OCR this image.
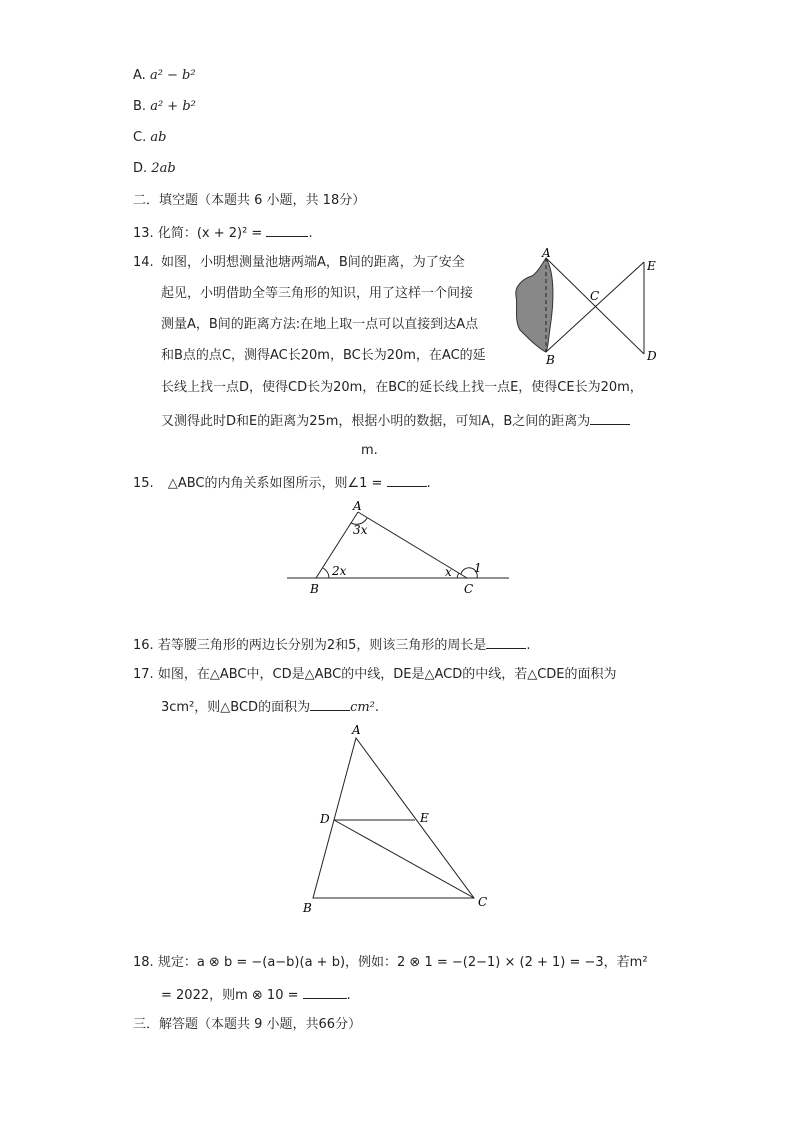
A. a² − b²
B. a² + b²
C. ab
D. 2ab
二．填空题（本题共 6 小题，共 18分）
13. 化简：(x + 2)² =	.
14. 如图，小明想测量池塘两端A，B间的距离，为了安全
起见，小明借助全等三角形的知识，用了这样一个间接
测量A，B间的距离方法:在地上取一点可以直接到达A点
和B点的点C，测得AC长20m，BC长为20m，在AC的延
长线上找一点D，使得CD长为20m，在BC的延长线上找一点E，使得CE长为20m，
又测得此时D和E的距离为25m，根据小明的数据，可知A，B之间的距离为
m.
A
B
C
D
E
15. △ABC的内角关系如图所示，则∠1 =	.
A
B	C
3x
2x	x 1
16. 若等腰三角形的两边长分别为2和5，则该三角形的周长是	.
17. 如图，在△ABC中，CD是△ABC的中线，DE是△ACD的中线，若△CDE的面积为
3cm²，则△BCD的面积为	cm².
A
B	C
D	E
18. 规定：a ⊗ b = −(a−b)(a + b)，例如：2 ⊗ 1 = −(2−1) × (2 + 1) = −3，若m²
= 2022，则m ⊗ 10 =	.
三．解答题（本题共 9 小题，共66分）
